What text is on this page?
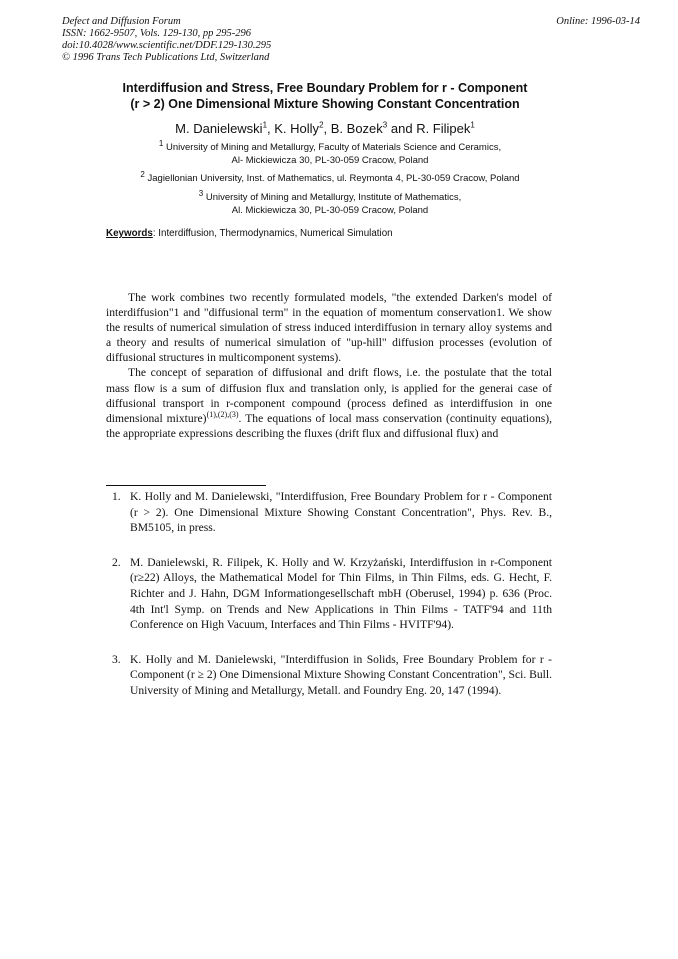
Defect and Diffusion Forum
ISSN: 1662-9507, Vols. 129-130, pp 295-296
doi:10.4028/www.scientific.net/DDF.129-130.295
© 1996 Trans Tech Publications Ltd, Switzerland
Online: 1996-03-14
Interdiffusion and Stress, Free Boundary Problem for r - Component
(r > 2) One Dimensional Mixture Showing Constant Concentration
M. Danielewski$^1$, K. Holly$^2$, B. Bozek$^3$ and R. Filipek$^1$
$^1$ University of Mining and Metallurgy, Faculty of Materials Science and Ceramics,
Al- Mickiewicza 30, PL-30-059 Cracow, Poland
$^2$ Jagiellonian University, Inst. of Mathematics, ul. Reymonta 4, PL-30-059 Cracow, Poland
$^3$ University of Mining and Metallurgy, Institute of Mathematics,
Al. Mickiewicza 30, PL-30-059 Cracow, Poland
Keywords: Interdiffusion, Thermodynamics, Numerical Simulation

The work combines two recently formulated models, "the extended Darken's model of interdiffusion"1 and "diffusional term" in the equation of momentum conservation1. We show the results of numerical simulation of stress induced interdiffusion in ternary alloy systems and a theory and results of numerical simulation of "up-hill" diffusion processes (evolution of diffusional structures in multicomponent systems).

The concept of separation of diffusional and drift flows, i.e. the postulate that the total mass flow is a sum of diffusion flux and translation only, is applied for the generai case of diffusional transport in r-component compound (process defined as interdiffusion in one dimensional mixture)$^{(1),(2),(3)}$. The equations of local mass conservation (continuity equations), the appropriate expressions describing the fluxes (drift flux and diffusional flux) and

1. K. Holly and M. Danielewski, "Interdiffusion, Free Boundary Problem for r - Component (r > 2). One Dimensional Mixture Showing Constant Concentration", Phys. Rev. B., BM5105, in press.
2. M. Danielewski, R. Filipek, K. Holly and W. Krzyżański, Interdiffusion in r-Component (r≥22) Alloys, the Mathematical Model for Thin Films, in Thin Films, eds. G. Hecht, F. Richter and J. Hahn, DGM Informationgesellschaft mbH (Oberusel, 1994) p. 636 (Proc. 4th Int'l Symp. on Trends and New Applications in Thin Films - TATF'94 and 11th Conference on High Vacuum, Interfaces and Thin Films - HVITF'94).
3. K. Holly and M. Danielewski, "Interdiffusion in Solids, Free Boundary Problem for r - Component (r ≥ 2) One Dimensional Mixture Showing Constant Concentration", Sci. Bull. University of Mining and Metallurgy, Metall. and Foundry Eng. 20, 147 (1994).
